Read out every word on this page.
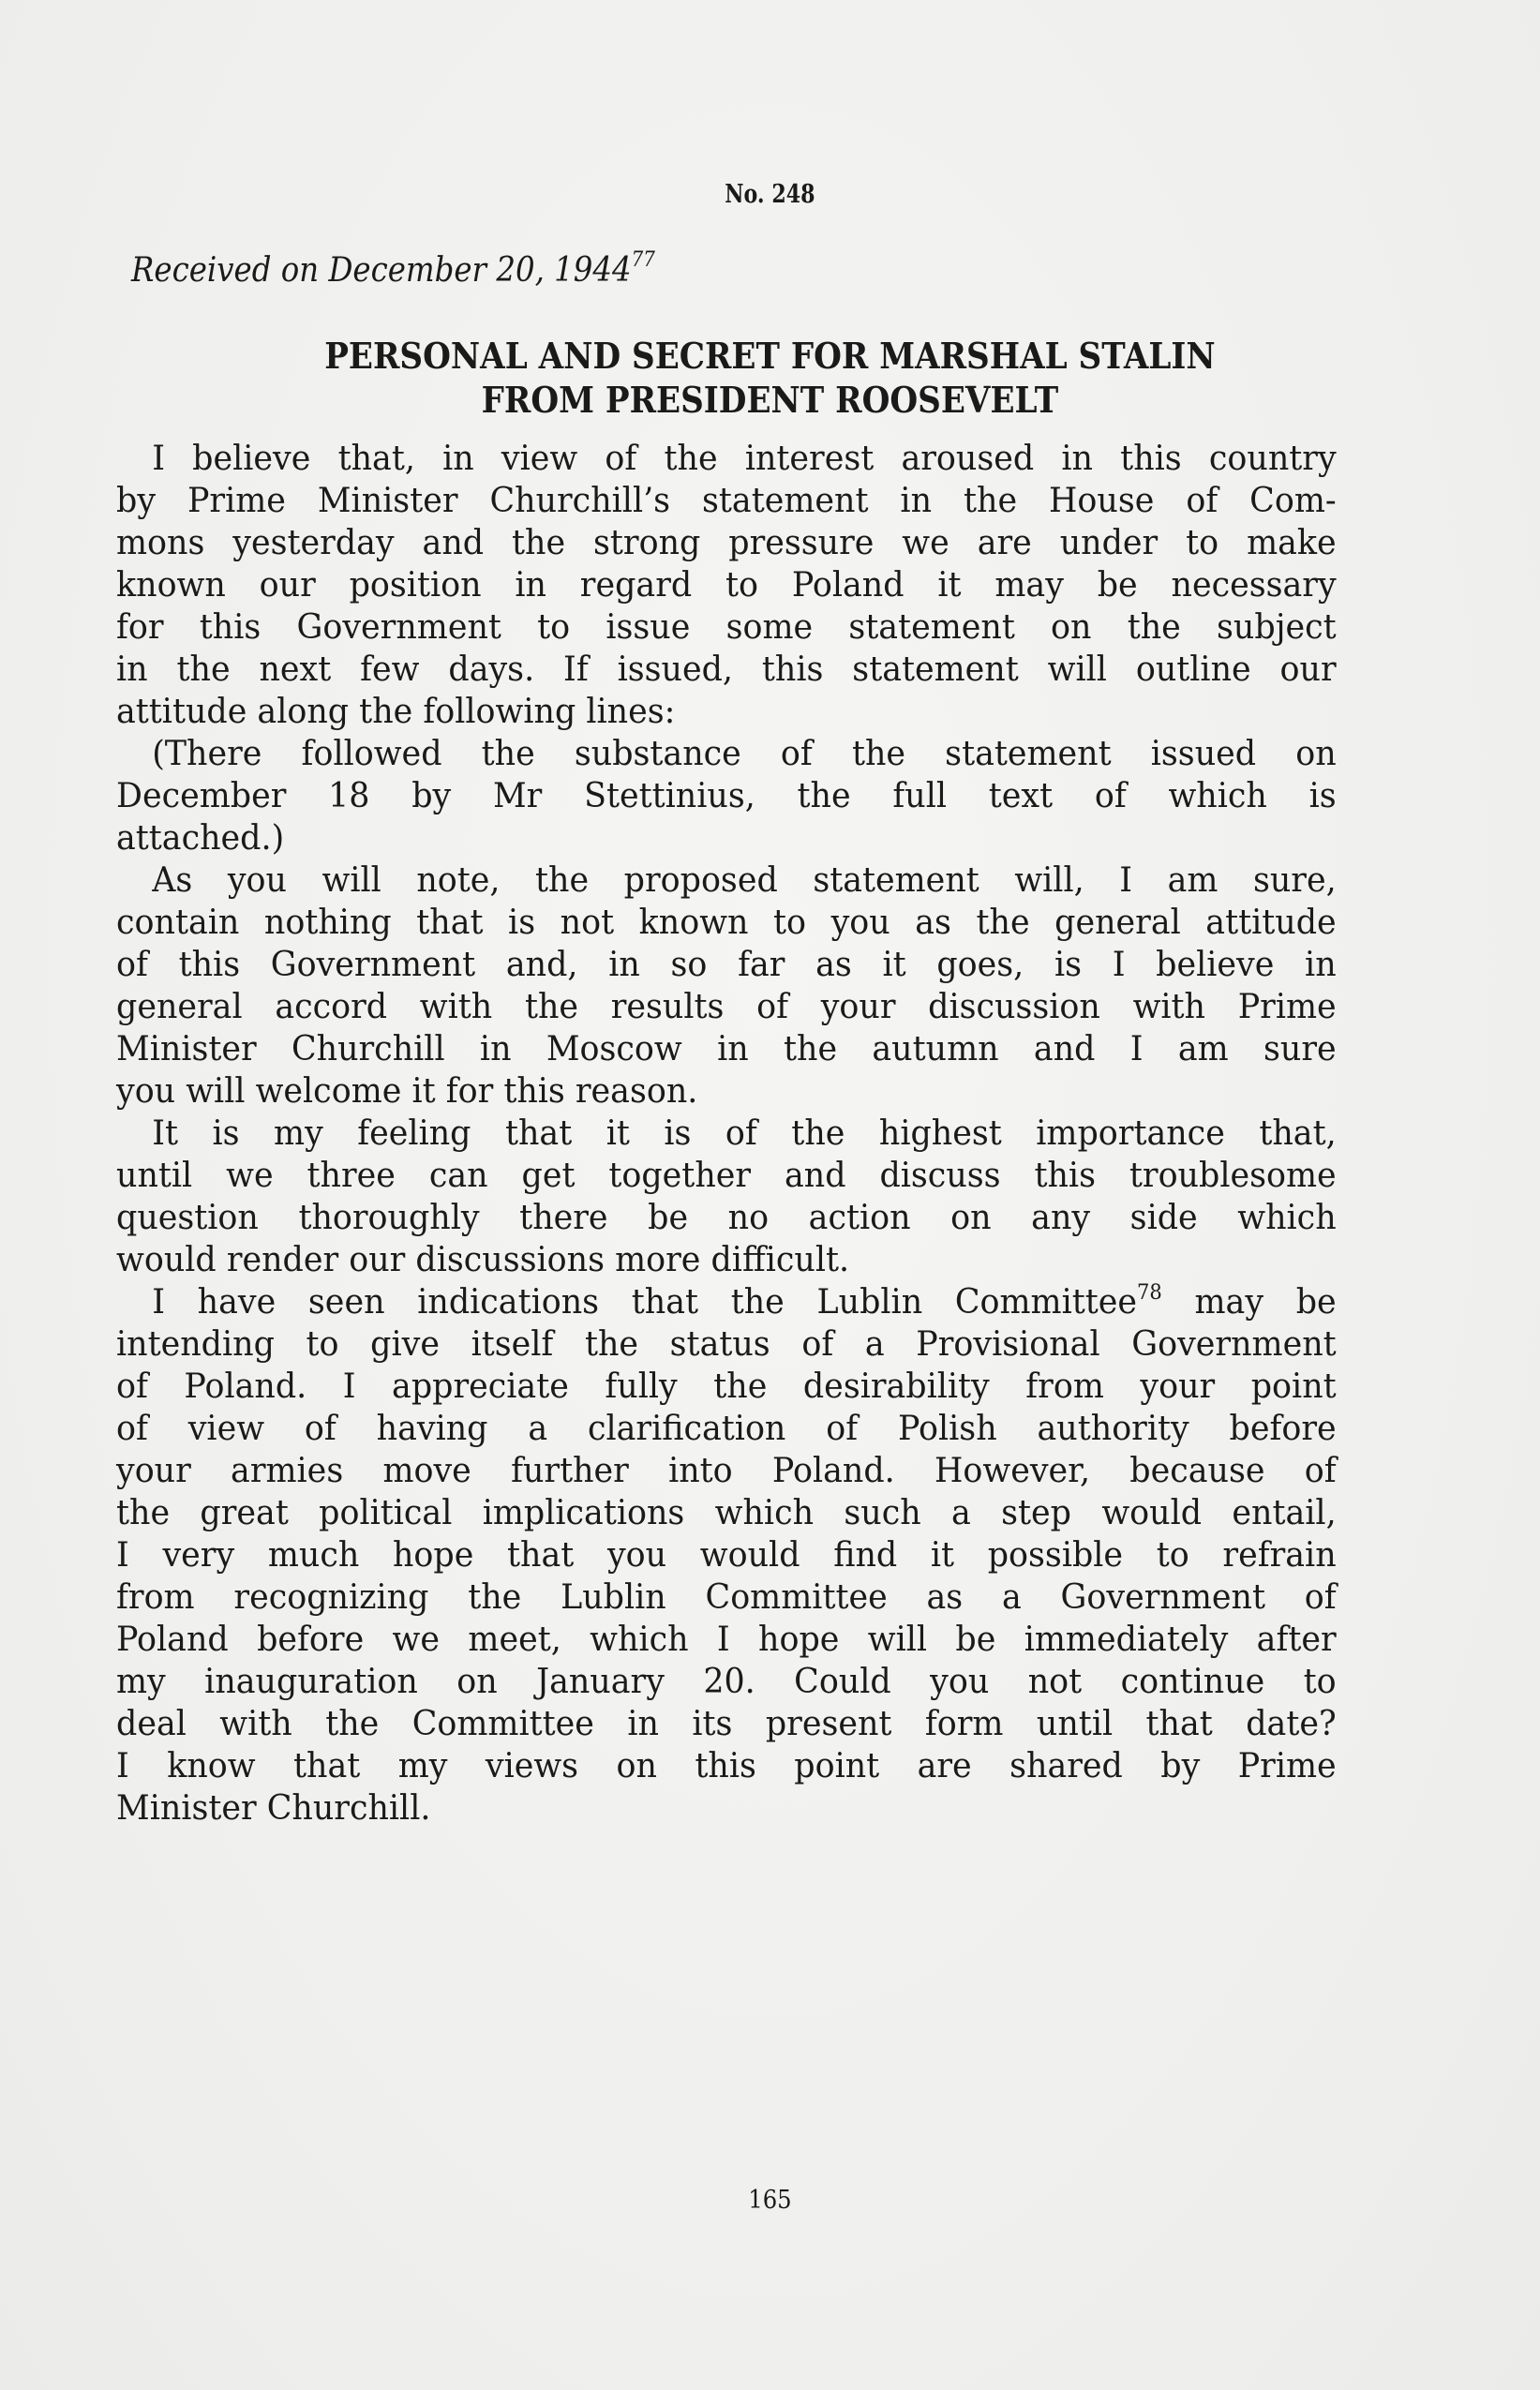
No. 248
Received on December 20, 1944$^{77}$
PERSONAL AND SECRET FOR MARSHAL STALIN
FROM PRESIDENT ROOSEVELT
I believe that, in view of the interest aroused in this country
by Prime Minister Churchill’s statement in the House of Com-
mons yesterday and the strong pressure we are under to make
known our position in regard to Poland it may be necessary
for this Government to issue some statement on the subject
in the next few days. If issued, this statement will outline our
attitude along the following lines:
(There followed the substance of the statement issued on
December 18 by Mr Stettinius, the full text of which is
attached.)
As you will note, the proposed statement will, I am sure,
contain nothing that is not known to you as the general attitude
of this Government and, in so far as it goes, is I believe in
general accord with the results of your discussion with Prime
Minister Churchill in Moscow in the autumn and I am sure
you will welcome it for this reason.
It is my feeling that it is of the highest importance that,
until we three can get together and discuss this troublesome
question thoroughly there be no action on any side which
would render our discussions more difficult.
I have seen indications that the Lublin Committee$^{78}$ may be
intending to give itself the status of a Provisional Government
of Poland. I appreciate fully the desirability from your point
of view of having a clarification of Polish authority before
your armies move further into Poland. However, because of
the great political implications which such a step would entail,
I very much hope that you would find it possible to refrain
from recognizing the Lublin Committee as a Government of
Poland before we meet, which I hope will be immediately after
my inauguration on January 20. Could you not continue to
deal with the Committee in its present form until that date?
I know that my views on this point are shared by Prime
Minister Churchill.
165
